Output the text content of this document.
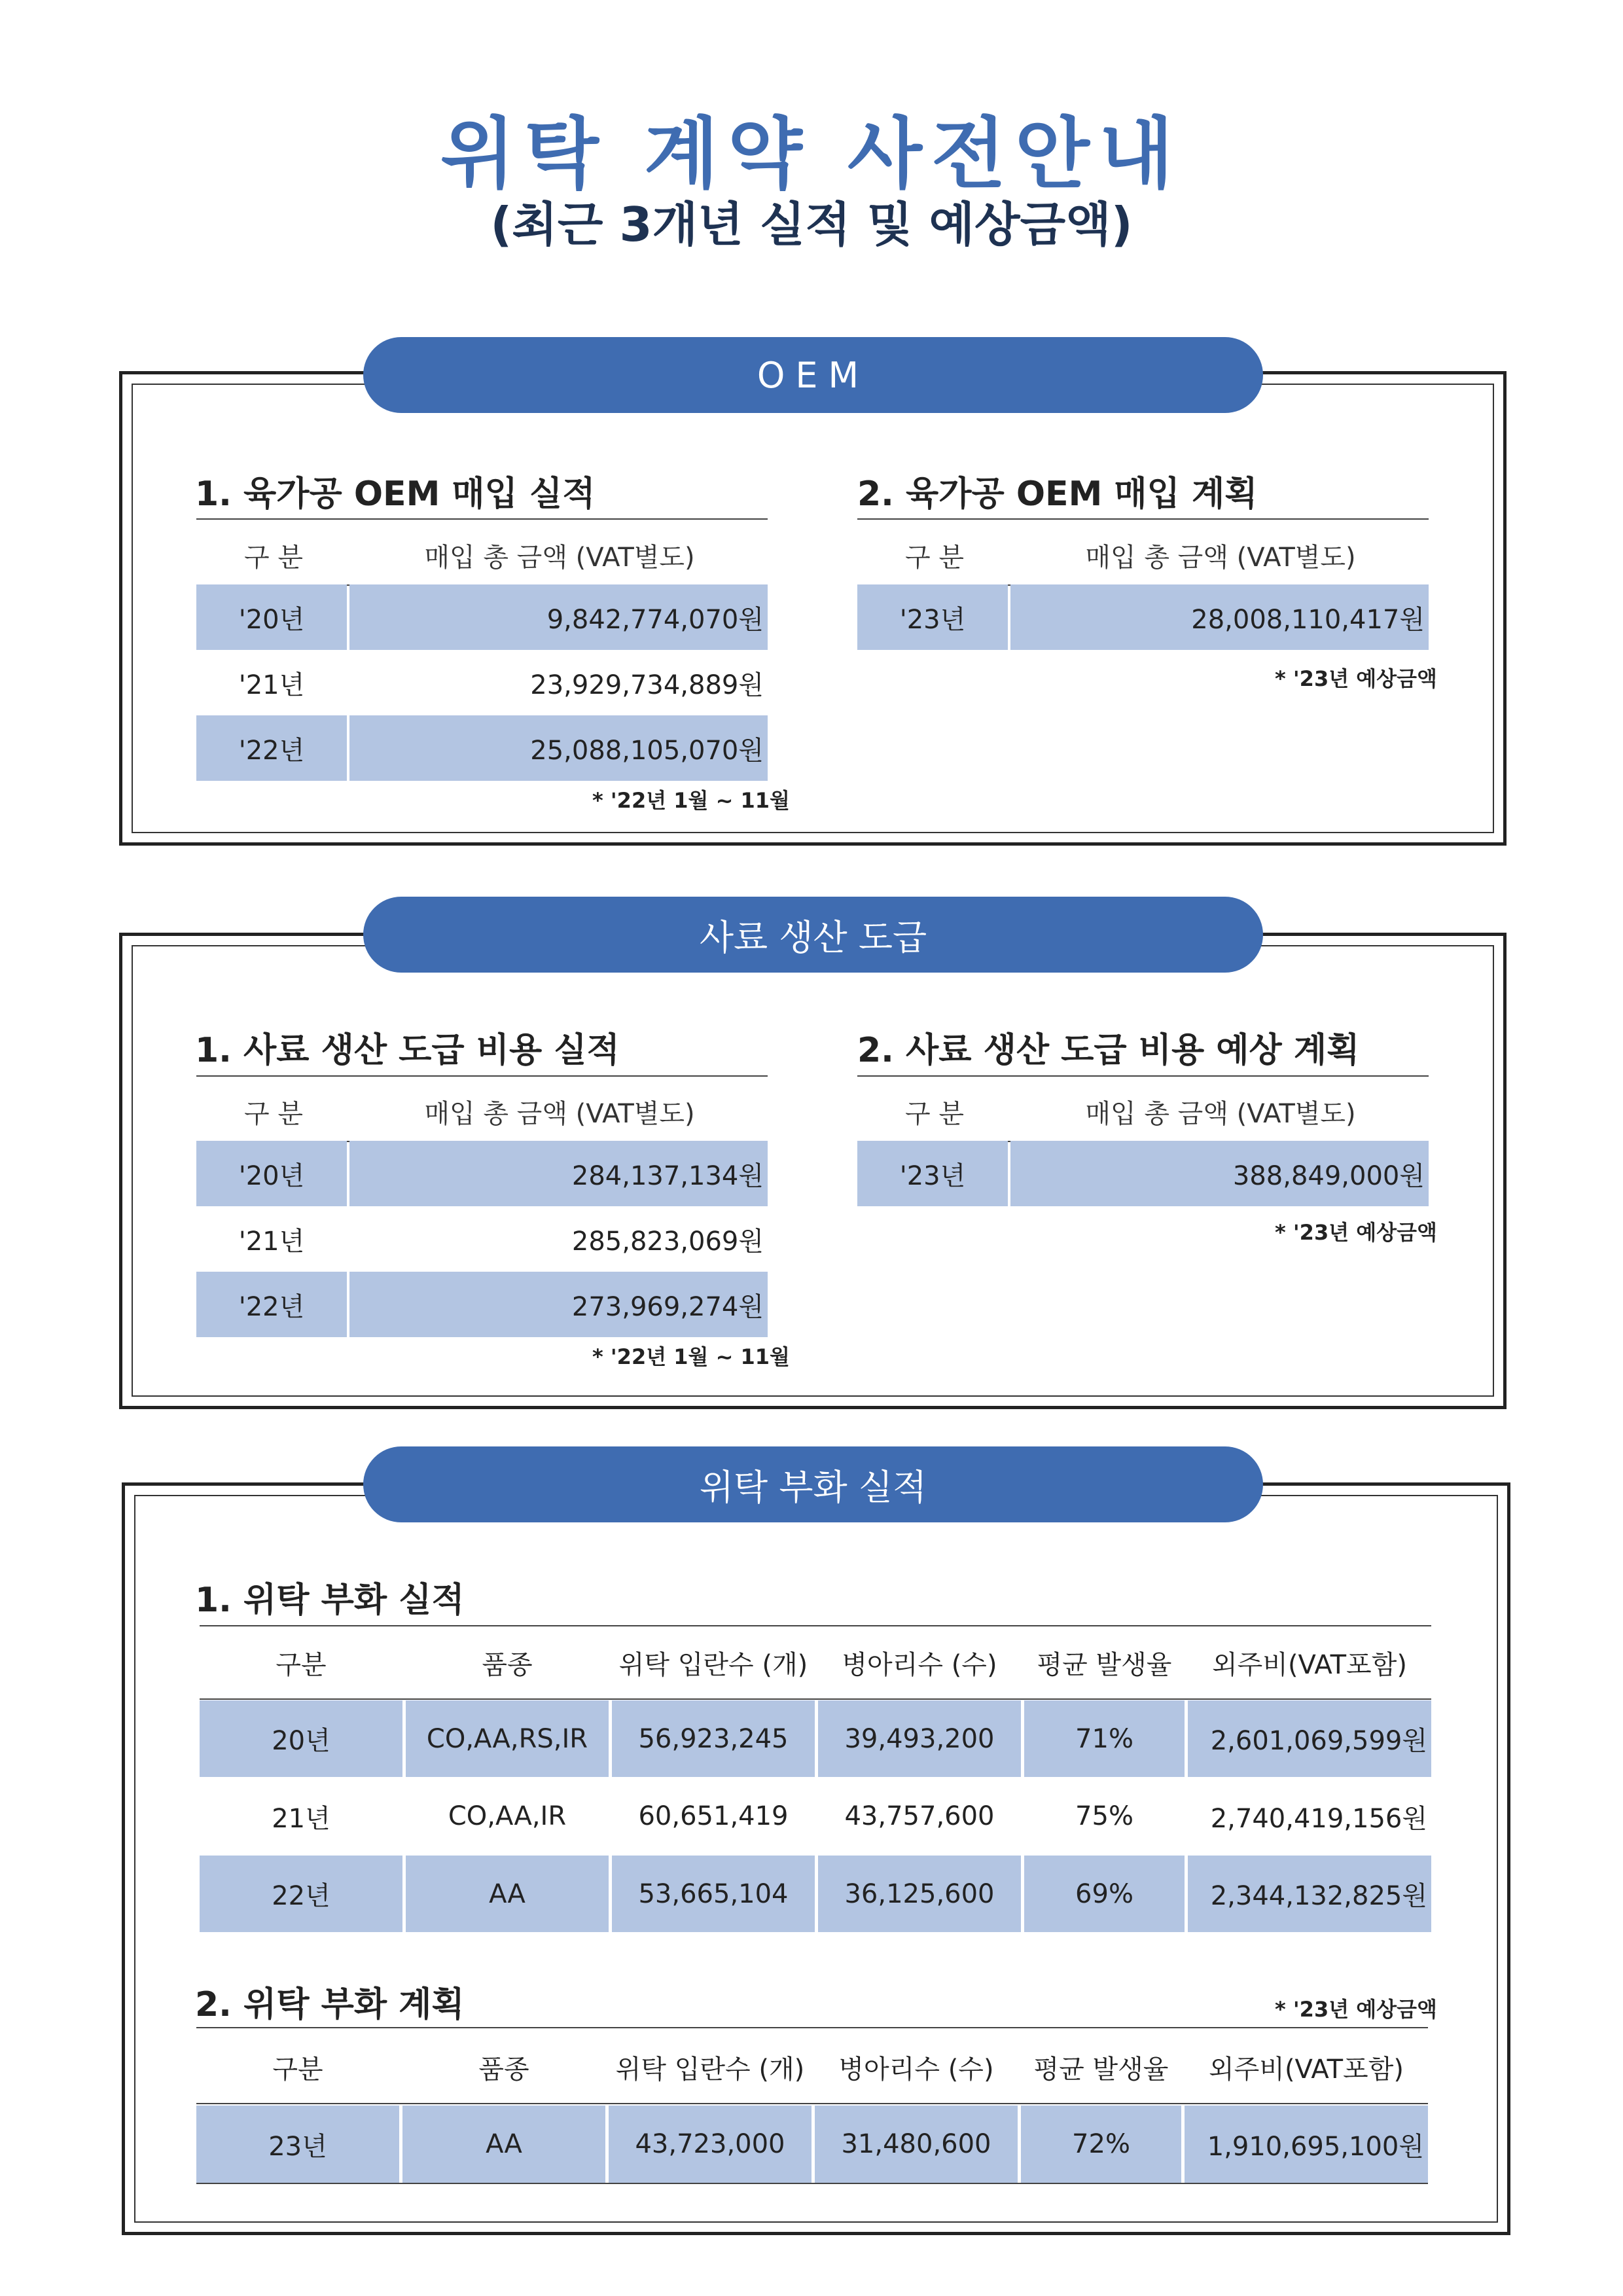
위탁 계약 사전안내
(최근 3개년 실적 및 예상금액)
OEM
1. 육가공 OEM 매입 실적
구 분	매입 총 금액 (VAT별도)
'20년	9,842,774,070원
'21년	23,929,734,889원
'22년	25,088,105,070원
* '22년 1월 ~ 11월
2. 육가공 OEM 매입 계획
구 분	매입 총 금액 (VAT별도)
'23년	28,008,110,417원
* '23년 예상금액
사료 생산 도급
1. 사료 생산 도급 비용 실적
구 분	매입 총 금액 (VAT별도)
'20년	284,137,134원
'21년	285,823,069원
'22년	273,969,274원
* '22년 1월 ~ 11월
2. 사료 생산 도급 비용 예상 계획
구 분	매입 총 금액 (VAT별도)
'23년	388,849,000원
* '23년 예상금액
위탁 부화 실적
1. 위탁 부화 실적
구분	품종	위탁 입란수 (개)	병아리수 (수)	평균 발생율	외주비(VAT포함)
20년	CO,AA,RS,IR	56,923,245	39,493,200	71%	2,601,069,599원
21년	CO,AA,IR	60,651,419	43,757,600	75%	2,740,419,156원
22년	AA	53,665,104	36,125,600	69%	2,344,132,825원
2. 위탁 부화 계획	* '23년 예상금액
구분	품종	위탁 입란수 (개)	병아리수 (수)	평균 발생율	외주비(VAT포함)
23년	AA	43,723,000	31,480,600	72%	1,910,695,100원
